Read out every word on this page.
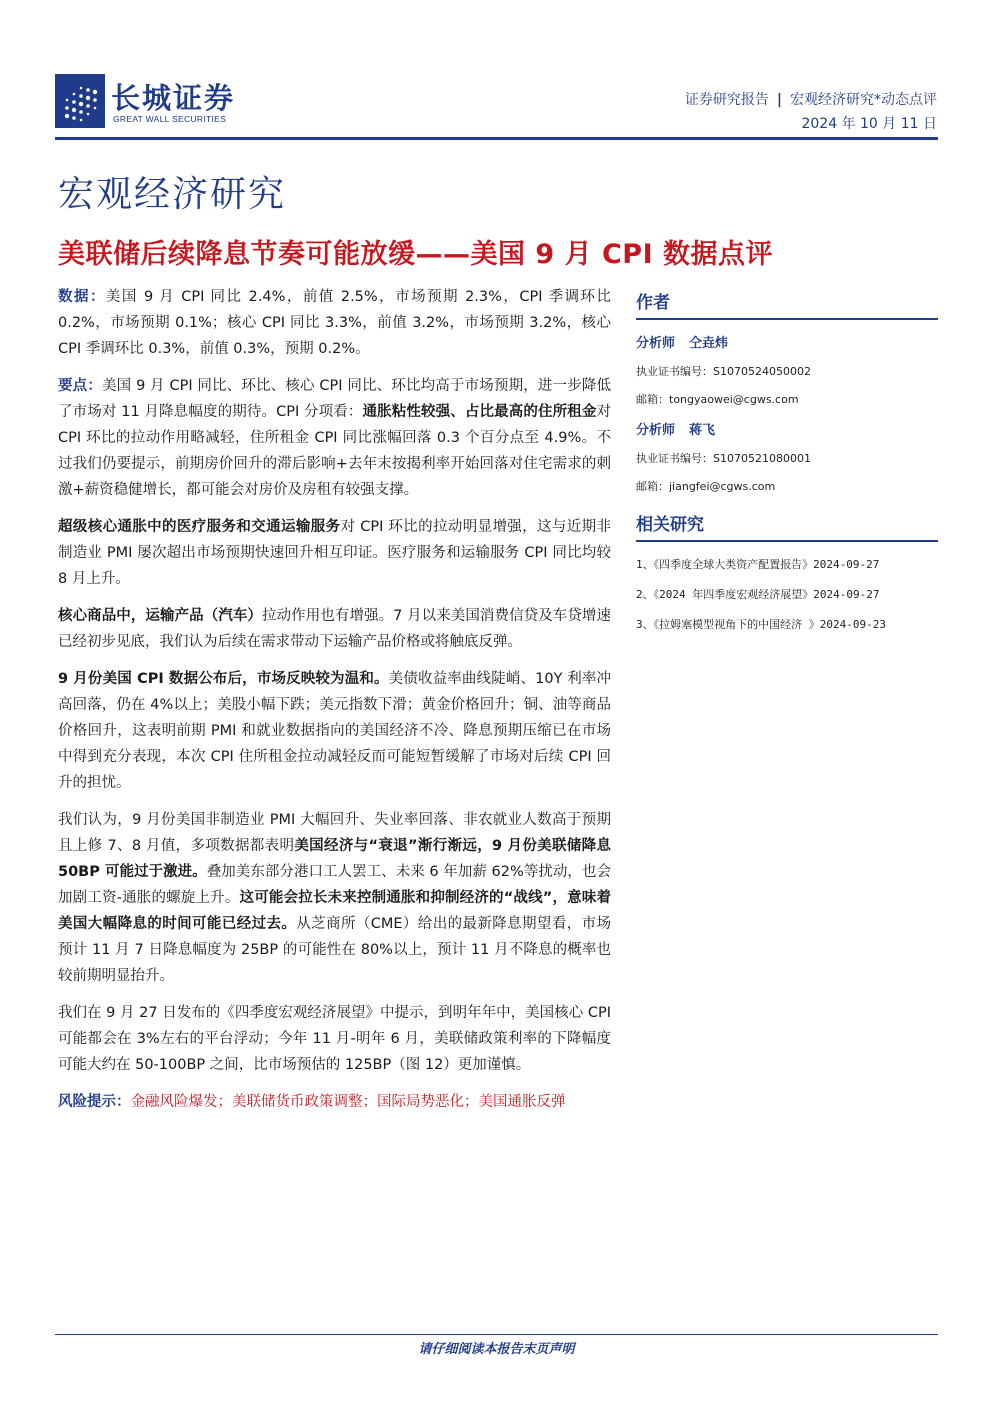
长城证券
GREAT WALL SECURITIES
证券研究报告 | 宏观经济研究*动态点评
2024 年 10 月 11 日
宏观经济研究
美联储后续降息节奏可能放缓——美国 9 月 CPI 数据点评

数据：美国 9 月 CPI 同比 2.4%，前值 2.5%，市场预期 2.3%，CPI 季调环比 0.2%，市场预期 0.1%；核心 CPI 同比 3.3%，前值 3.2%，市场预期 3.2%，核心 CPI 季调环比 0.3%，前值 0.3%，预期 0.2%。

要点：美国 9 月 CPI 同比、环比、核心 CPI 同比、环比均高于市场预期，进一步降低了市场对 11 月降息幅度的期待。CPI 分项看：通胀粘性较强、占比最高的住所租金对 CPI 环比的拉动作用略减轻，住所租金 CPI 同比涨幅回落 0.3 个百分点至 4.9%。不过我们仍要提示，前期房价回升的滞后影响+去年末按揭利率开始回落对住宅需求的刺激+薪资稳健增长，都可能会对房价及房租有较强支撑。

超级核心通胀中的医疗服务和交通运输服务对 CPI 环比的拉动明显增强，这与近期非制造业 PMI 屡次超出市场预期快速回升相互印证。医疗服务和运输服务 CPI 同比均较 8 月上升。

核心商品中，运输产品（汽车）拉动作用也有增强。7 月以来美国消费信贷及车贷增速已经初步见底，我们认为后续在需求带动下运输产品价格或将触底反弹。

9 月份美国 CPI 数据公布后，市场反映较为温和。美债收益率曲线陡峭、10Y 利率冲高回落，仍在 4%以上；美股小幅下跌；美元指数下滑；黄金价格回升；铜、油等商品价格回升，这表明前期 PMI 和就业数据指向的美国经济不冷、降息预期压缩已在市场中得到充分表现，本次 CPI 住所租金拉动减轻反而可能短暂缓解了市场对后续 CPI 回升的担忧。

我们认为，9 月份美国非制造业 PMI 大幅回升、失业率回落、非农就业人数高于预期且上修 7、8 月值，多项数据都表明美国经济与“衰退”渐行渐远，9 月份美联储降息 50BP 可能过于激进。叠加美东部分港口工人罢工、未来 6 年加薪 62%等扰动，也会加剧工资-通胀的螺旋上升。这可能会拉长未来控制通胀和抑制经济的“战线”，意味着美国大幅降息的时间可能已经过去。从芝商所（CME）给出的最新降息期望看，市场预计 11 月 7 日降息幅度为 25BP 的可能性在 80%以上，预计 11 月不降息的概率也较前期明显抬升。

我们在 9 月 27 日发布的《四季度宏观经济展望》中提示，到明年年中，美国核心 CPI 可能都会在 3%左右的平台浮动；今年 11 月-明年 6 月，美联储政策利率的下降幅度可能大约在 50-100BP 之间，比市场预估的 125BP（图 12）更加谨慎。

风险提示：金融风险爆发；美联储货币政策调整；国际局势恶化；美国通胀反弹

作者
分析师 仝垚炜
执业证书编号：S1070524050002
邮箱：tongyaowei@cgws.com
分析师 蒋飞
执业证书编号：S1070521080001
邮箱：jiangfei@cgws.com
相关研究
1、《四季度全球大类资产配置报告》2024-09-27
2、《2024 年四季度宏观经济展望》2024-09-27
3、《拉姆塞模型视角下的中国经济 》2024-09-23
请仔细阅读本报告末页声明
